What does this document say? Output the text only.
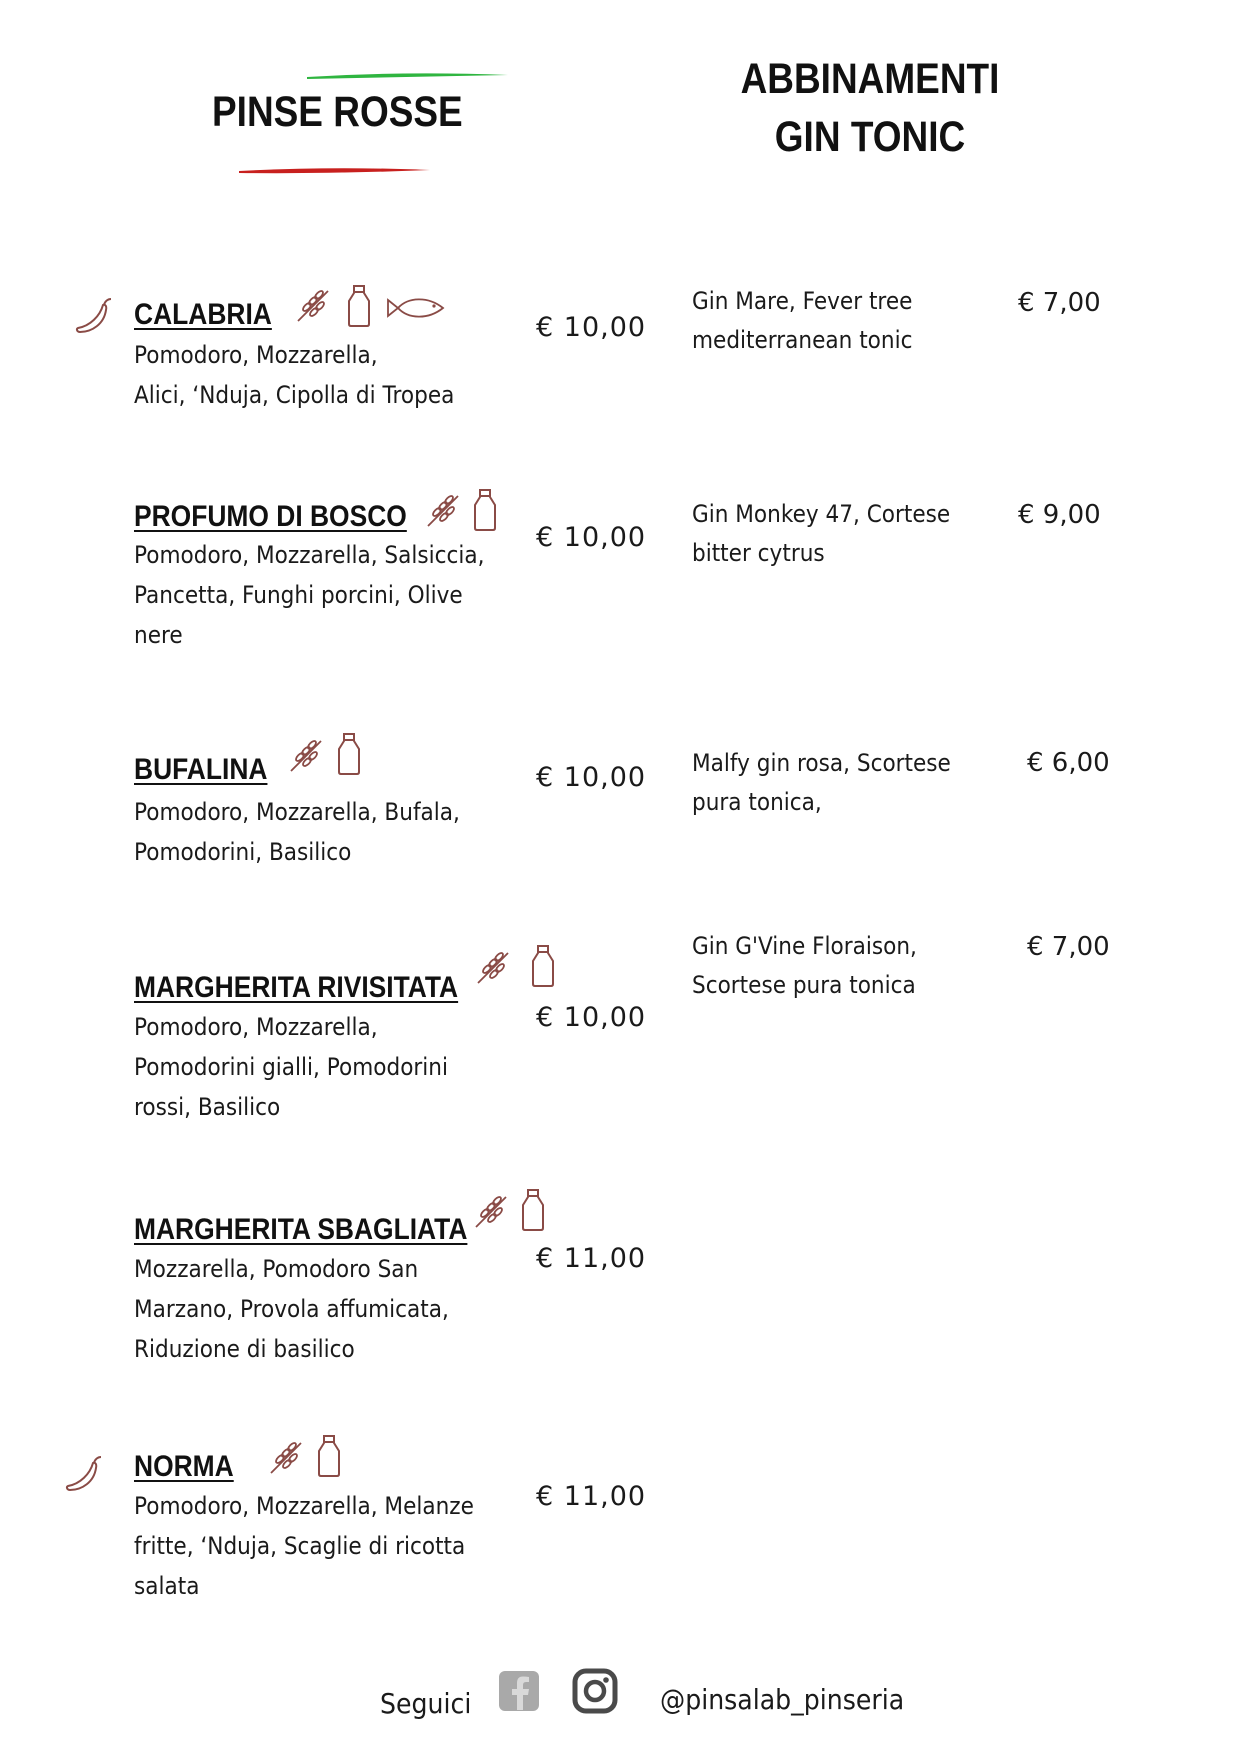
PINSE ROSSE
ABBINAMENTI
GIN TONIC
CALABRIA
Pomodoro, Mozzarella,
Alici, ‘Nduja, Cipolla di Tropea
€ 10,00
PROFUMO DI BOSCO
Pomodoro, Mozzarella, Salsiccia,
Pancetta, Funghi porcini, Olive
nere
€ 10,00
BUFALINA
Pomodoro, Mozzarella, Bufala,
Pomodorini, Basilico
€ 10,00
MARGHERITA RIVISITATA
Pomodoro, Mozzarella,
Pomodorini gialli, Pomodorini
rossi, Basilico
€ 10,00
MARGHERITA SBAGLIATA
Mozzarella, Pomodoro San
Marzano, Provola affumicata,
Riduzione di basilico
€ 11,00
NORMA
Pomodoro, Mozzarella, Melanze
fritte, ‘Nduja, Scaglie di ricotta
salata
€ 11,00
Gin Mare, Fever tree
mediterranean tonic
€ 7,00
Gin Monkey 47, Cortese
bitter cytrus
€ 9,00
Malfy gin rosa, Scortese
pura tonica,
€ 6,00
Gin G'Vine Floraison,
Scortese pura tonica
€ 7,00
Seguici	@pinsalab_pinseria
